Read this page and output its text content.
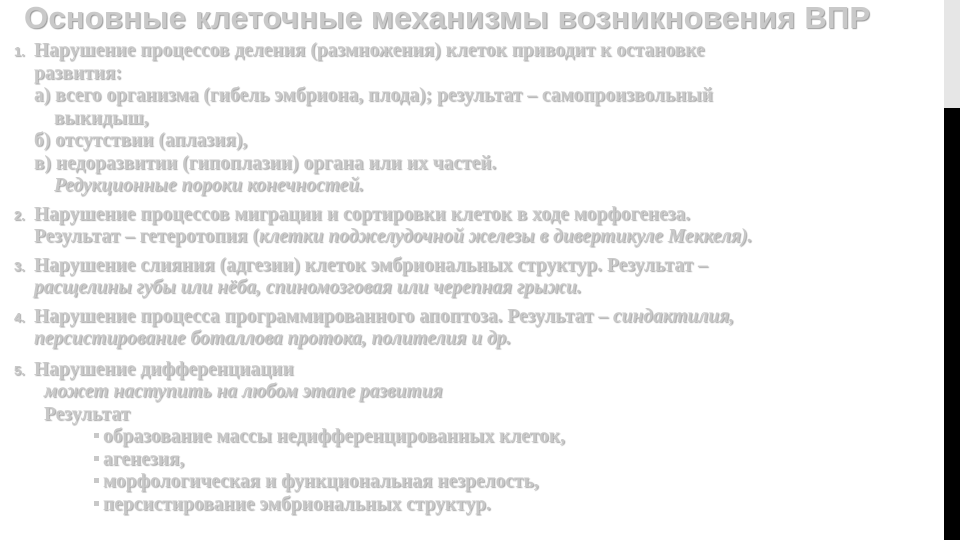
Основные клеточные механизмы возникновения ВПР
1. Нарушение процессов деления (размножения) клеток приводит к остановке
развития:
а) всего организма (гибель эмбриона, плода); результат – самопроизвольный
выкидыш,
б) отсутствии (аплазия),
в) недоразвитии (гипоплазии) органа или их частей.
Редукционные пороки конечностей.
2. Нарушение процессов миграции и сортировки клеток в ходе морфогенеза.
Результат – гетеротопия (клетки поджелудочной железы в дивертикуле Меккеля).
3. Нарушение слияния (адгезии) клеток эмбриональных структур. Результат –
расщелины губы или нёба, спиномозговая или черепная грыжи.
4. Нарушение процесса программированного апоптоза. Результат – синдактилия,
персистирование боталлова протока, полителия и др.
5. Нарушение дифференциации
может наступить на любом этапе развития
Результат
образование массы недифференцированных клеток,
агенезия,
морфологическая и функциональная незрелость,
персистирование эмбриональных структур.
